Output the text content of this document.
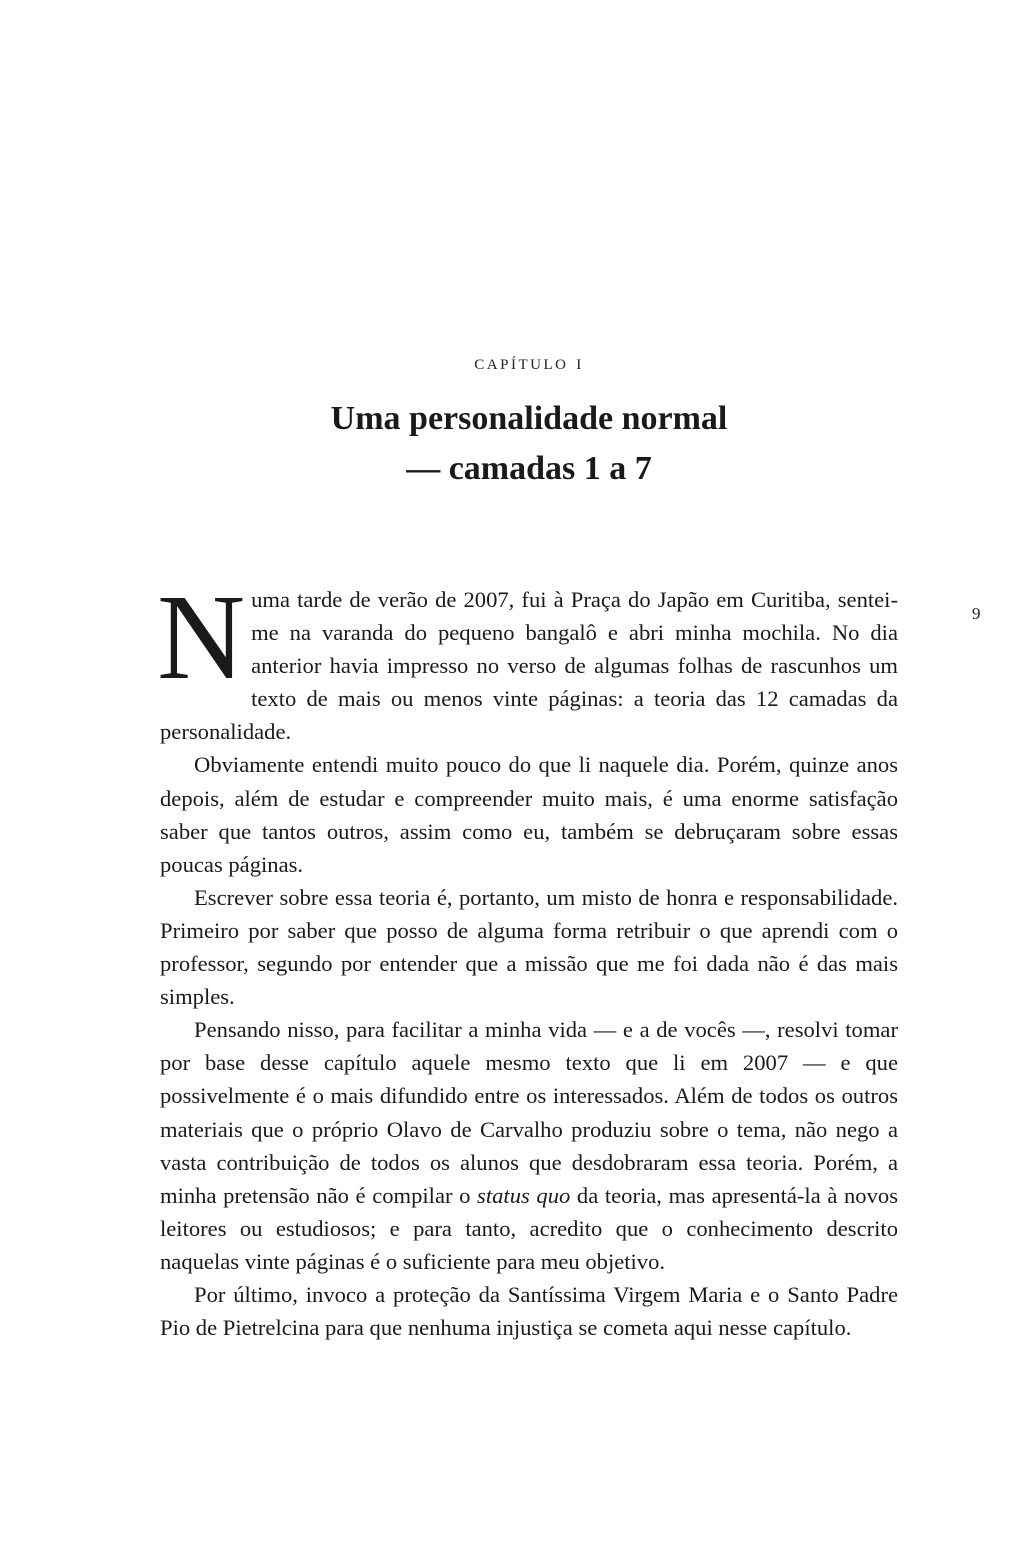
9
capítulo i
Uma personalidade normal
— camadas 1 a 7

Numa tarde de verão de 2007, fui à Praça do Japão em Curitiba, sentei-me na varanda do pequeno bangalô e abri minha mochila. No dia anterior havia impresso no verso de algumas folhas de rascunhos um texto de mais ou menos vinte páginas: a teoria das 12 camadas da personalidade.

Obviamente entendi muito pouco do que li naquele dia. Porém, quinze anos depois, além de estudar e compreender muito mais, é uma enorme satisfação saber que tantos outros, assim como eu, também se debruçaram sobre essas poucas páginas.

Escrever sobre essa teoria é, portanto, um misto de honra e responsabilidade. Primeiro por saber que posso de alguma forma retribuir o que aprendi com o professor, segundo por entender que a missão que me foi dada não é das mais simples.

Pensando nisso, para facilitar a minha vida — e a de vocês —, resolvi tomar por base desse capítulo aquele mesmo texto que li em 2007 — e que possivelmente é o mais difundido entre os interessados. Além de todos os outros materiais que o próprio Olavo de Carvalho produziu sobre o tema, não nego a vasta contribuição de todos os alunos que desdobraram essa teoria. Porém, a minha pretensão não é compilar o status quo da teoria, mas apresentá-la à novos leitores ou estudiosos; e para tanto, acredito que o conhecimento descrito naquelas vinte páginas é o suficiente para meu objetivo.

Por último, invoco a proteção da Santíssima Virgem Maria e o Santo Padre Pio de Pietrelcina para que nenhuma injustiça se cometa aqui nesse capítulo.
